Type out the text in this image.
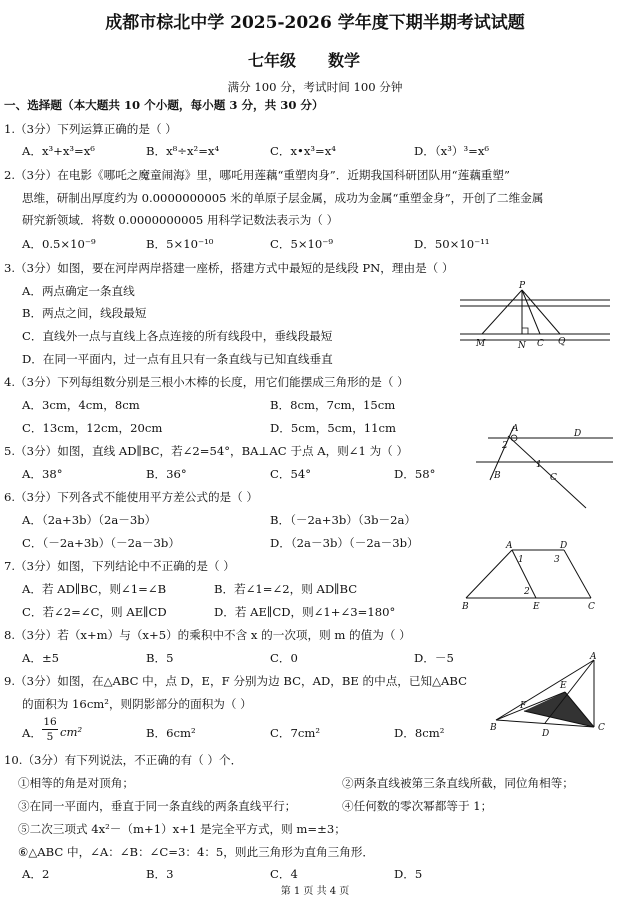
成都市棕北中学 2025-2026 学年度下期半期考试试题
七年级 数学
满分 100 分，考试时间 100 分钟
一、选择题（本大题共 10 个小题，每小题 3 分，共 30 分）
1.（3分）下列运算正确的是（ ）
A．x³+x³=x⁶	B．x⁸÷x²=x⁴	C．x•x³=x⁴	D．（x³）³=x⁶
2.（3分）在电影《哪吒之魔童闹海》里，哪吒用莲藕“重塑肉身”．近期我国科研团队用“莲藕重塑”
思维，研制出厚度约为 0.0000000005 米的单原子层金属，成功为金属“重塑金身”，开创了二维金属
研究新领域．将数 0.0000000005 用科学记数法表示为（ ）
A．0.5×10⁻⁹	B．5×10⁻¹⁰	C．5×10⁻⁹	D．50×10⁻¹¹
3.（3分）如图，要在河岸两岸搭建一座桥，搭建方式中最短的是线段 PN，理由是（ ）
A．两点确定一条直线
B．两点之间，线段最短
C．直线外一点与直线上各点连接的所有线段中，垂线段最短
D．在同一平面内，过一点有且只有一条直线与已知直线垂直
P
M	N C Q
4.（3分）下列每组数分别是三根小木棒的长度，用它们能摆成三角形的是（ ）
A．3cm，4cm，8cm	B．8cm，7cm，15cm
C．13cm，12cm，20cm	D．5cm，5cm，11cm	A	D
2
1
B	C
5.（3分）如图，直线 AD∥BC，若∠2=54°，BA⊥AC 于点 A，则∠1 为（ ）
A．38°	B．36°	C．54°	D．58°
6.（3分）下列各式不能使用平方差公式的是（ ）
A．（2a+3b）（2a－3b）	B．（－2a+3b）（3b－2a）
C．（－2a+3b）（－2a－3b）	D．（2a－3b）（－2a－3b）
7.（3分）如图，下列结论中不正确的是（ ）
A．若 AD∥BC，则∠1=∠B	B．若∠1=∠2，则 AD∥BC
C．若∠2=∠C，则 AE∥CD	D．若 AE∥CD，则∠1+∠3=180°
A	D
1	3
2
B	E	C
8.（3分）若（x+m）与（x+5）的乘积中不含 x 的一次项，则 m 的值为（ ）
A．±5	B．5	C．0	D．－5
9.（3分）如图，在△ABC 中，点 D，E，F 分别为边 BC，AD，BE 的中点，已知△ABC
的面积为 16cm²，则阴影部分的面积为（ ）
A．
16
5 cm²	B．6cm²	C．7cm²	D．8cm²
A
E
F
B
D
C
10.（3分）有下列说法，不正确的有（ ）个．
①相等的角是对顶角；	②两条直线被第三条直线所截，同位角相等；
③在同一平面内，垂直于同一条直线的两条直线平行；	④任何数的零次幂都等于 1；
⑤二次三项式 4x²－（m+1）x+1 是完全平方式，则 m=±3；
⑥△ABC 中，∠A：∠B：∠C=3：4：5，则此三角形为直角三角形．
A．2	B．3	C．4	D．5
第 1 页 共 4 页
